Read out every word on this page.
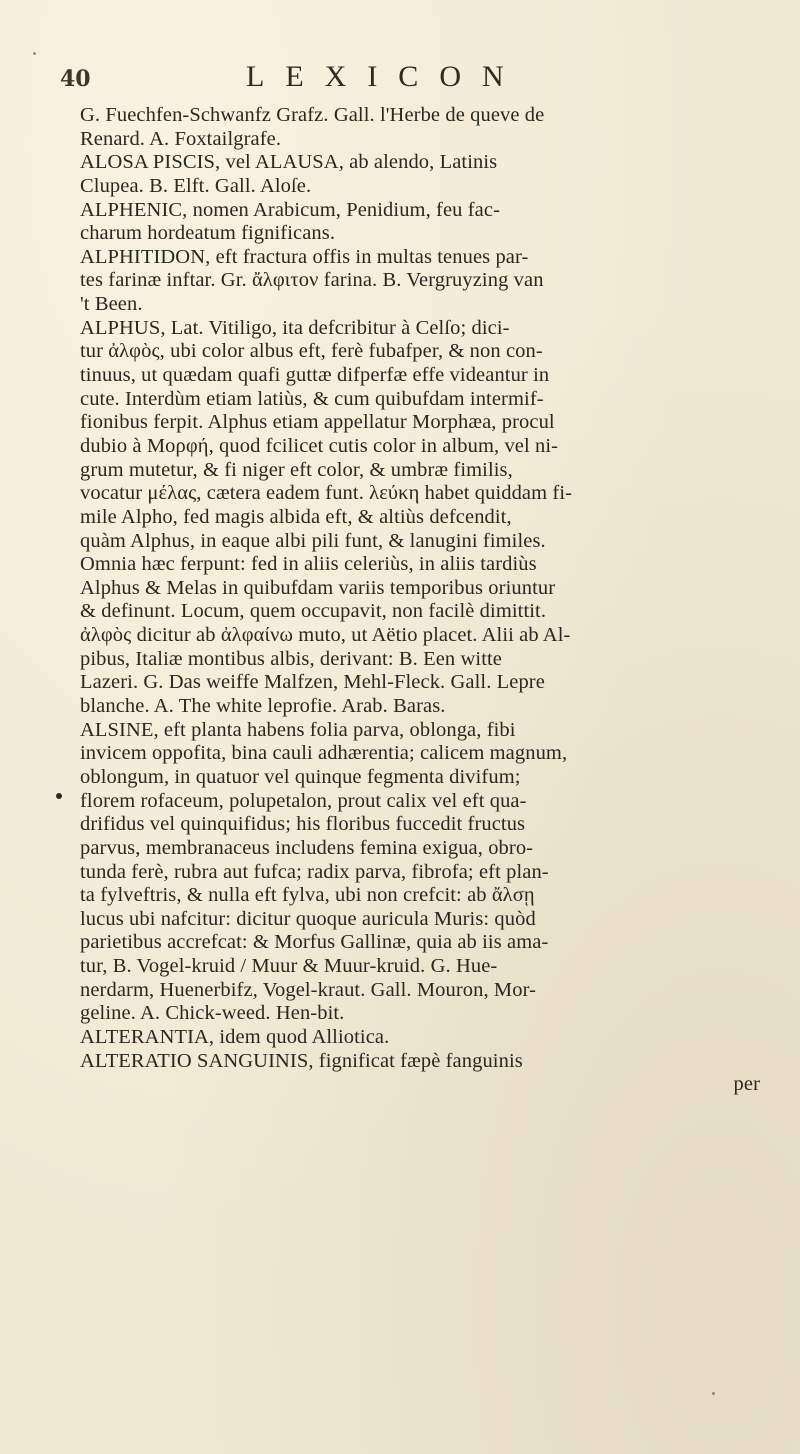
40	LEXICON
G. Fuechfen-Schwanfz Grafz. Gall. l'Herbe de queve de
Renard. A. Foxtailgrafe.
ALOSA PISCIS, vel ALAUSA, ab alendo, Latinis
Clupea. B. Elft. Gall. Aloſe.
ALPHENIC, nomen Arabicum, Penidium, feu fac-
charum hordeatum fignificans.
ALPHITIDON, eft fractura offis in multas tenues par-
tes farinæ inftar. Gr. ἄλφιτον farina. B. Vergruyzing van
't Been.
ALPHUS, Lat. Vitiligo, ita defcribitur à Celſo; dici-
tur ἀλφὸς, ubi color albus eft, ferè fubafper, & non con-
tinuus, ut quædam quafi guttæ difperfæ effe videantur in
cute. Interdùm etiam latiùs, & cum quibufdam intermif-
fionibus ferpit. Alphus etiam appellatur Morphæa, procul
dubio à Μορφή, quod fcilicet cutis color in album, vel ni-
grum mutetur, & fi niger eft color, & umbræ fimilis,
vocatur μέλας, cætera eadem funt. λεύκη habet quiddam fi-
mile Alpho, fed magis albida eft, & altiùs defcendit,
quàm Alphus, in eaque albi pili funt, & lanugini fimiles.
Omnia hæc ferpunt: fed in aliis celeriùs, in aliis tardiùs
Alphus & Melas in quibufdam variis temporibus oriuntur
& definunt. Locum, quem occupavit, non facilè dimittit.
ἀλφὸς dicitur ab ἀλφαίνω muto, ut Aëtio placet. Alii ab Al-
pibus, Italiæ montibus albis, derivant: B. Een witte
Lazeri. G. Das weiffe Malfzen, Mehl-Fleck. Gall. Lepre
blanche. A. The white leprofie. Arab. Baras.
ALSINE, eft planta habens folia parva, oblonga, fibi
invicem oppofita, bina cauli adhærentia; calicem magnum,
oblongum, in quatuor vel quinque fegmenta divifum;
florem rofaceum, polupetalon, prout calix vel eft qua-
drifidus vel quinquifidus; his floribus fuccedit fructus
parvus, membranaceus includens femina exigua, obro-
tunda ferè, rubra aut fufca; radix parva, fibrofa; eft plan-
ta fylveftris, & nulla eft fylva, ubi non crefcit: ab ἄλσῃ
lucus ubi nafcitur: dicitur quoque auricula Muris: quòd
parietibus accrefcat: & Morfus Gallinæ, quia ab iis ama-
tur, B. Vogel-kruid / Muur & Muur-kruid. G. Hue-
nerdarm, Huenerbifz, Vogel-kraut. Gall. Mouron, Mor-
geline. A. Chick-weed. Hen-bit.
ALTERANTIA, idem quod Alliotica.
ALTERATIO SANGUINIS, fignificat fæpè fanguinis
per
